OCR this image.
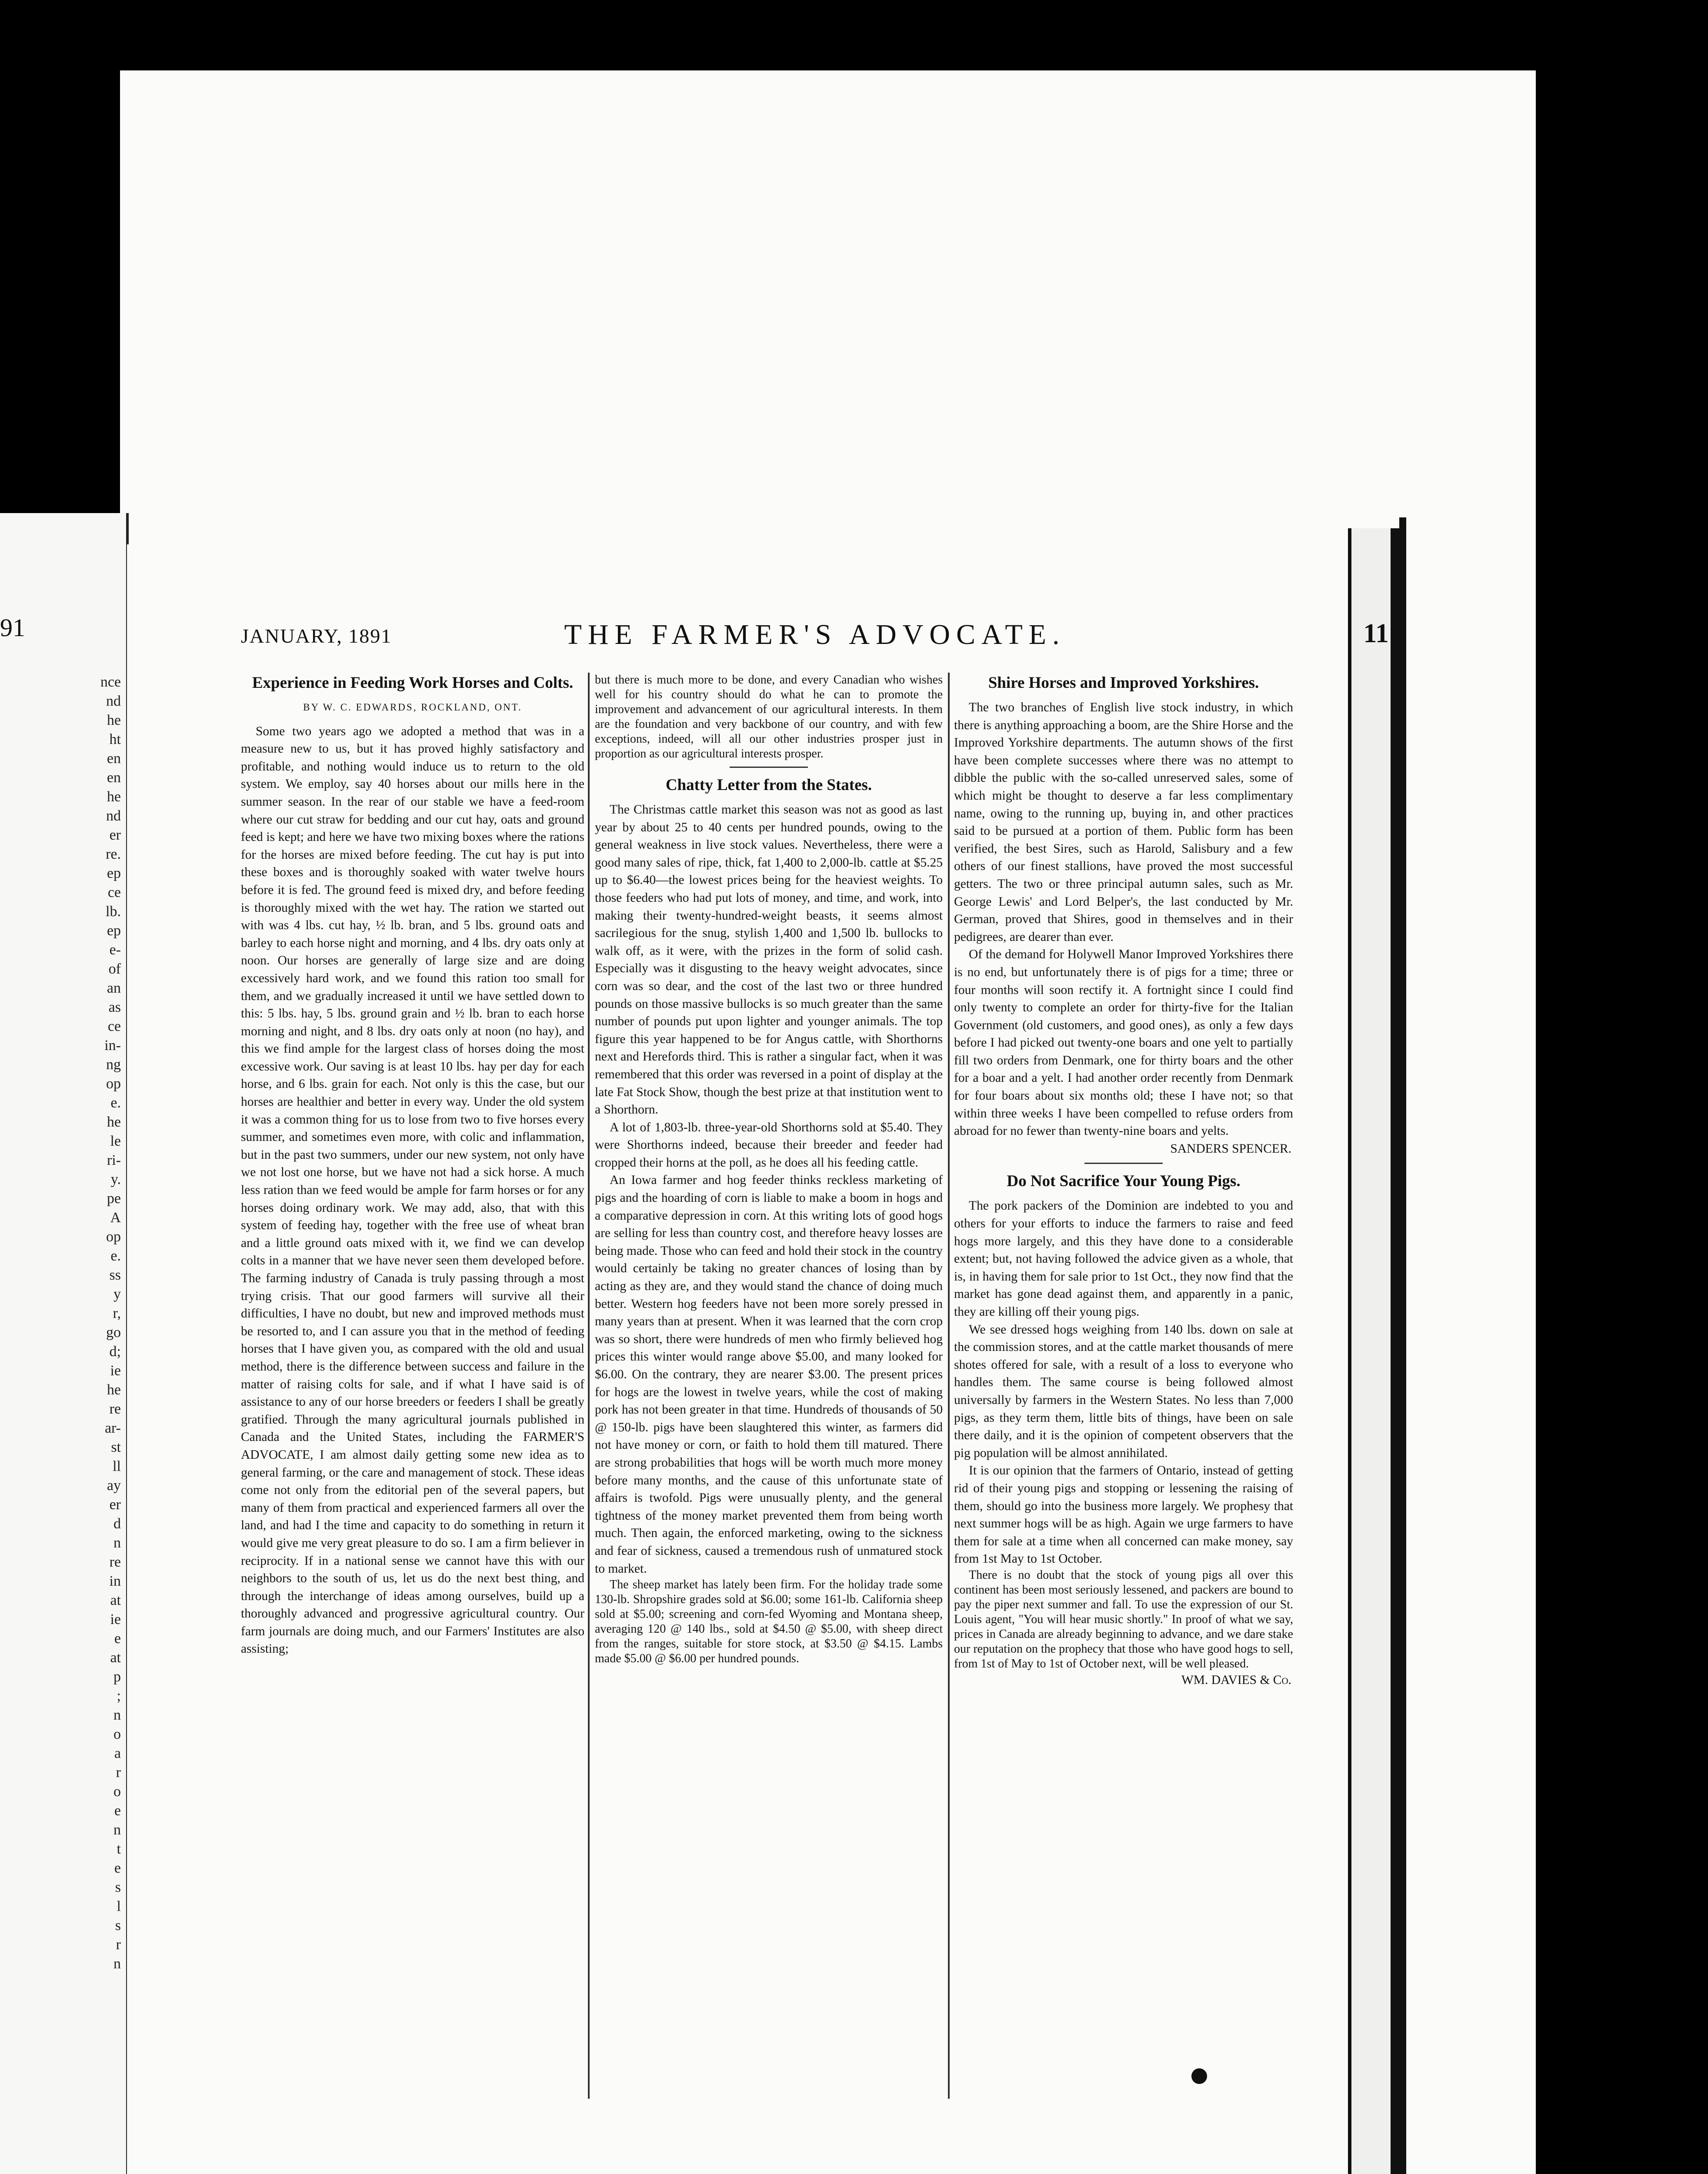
91
nce
nd
he
ht
en
en
he
nd
er
re.
ep
ce
lb.
ep
e-
of
an
as
ce
in-
ng
op
e.
he
le
ri-
y.
pe
A
op
e.
ss
y
r,
go
d;
ie
he
re
ar-
st
ll
ay
er
d
n
re
in
at
ie
e
at
p
;
n
o
a
r
o
e
n
t
e
s
l
s
r
n
JANUARY, 1891	THE FARMER'S ADVOCATE.	11
Experience in Feeding Work Horses and Colts.
BY W. C. EDWARDS, ROCKLAND, ONT.

Some two years ago we adopted a method that was in a measure new to us, but it has proved highly satisfactory and profitable, and nothing would induce us to return to the old system. We employ, say 40 horses about our mills here in the summer season. In the rear of our stable we have a feed-room where our cut straw for bedding and our cut hay, oats and ground feed is kept; and here we have two mixing boxes where the rations for the horses are mixed before feeding. The cut hay is put into these boxes and is thoroughly soaked with water twelve hours before it is fed. The ground feed is mixed dry, and before feeding is thoroughly mixed with the wet hay. The ration we started out with was 4 lbs. cut hay, ½ lb. bran, and 5 lbs. ground oats and barley to each horse night and morning, and 4 lbs. dry oats only at noon. Our horses are generally of large size and are doing excessively hard work, and we found this ration too small for them, and we gradually increased it until we have settled down to this: 5 lbs. hay, 5 lbs. ground grain and ½ lb. bran to each horse morning and night, and 8 lbs. dry oats only at noon (no hay), and this we find ample for the largest class of horses doing the most excessive work. Our saving is at least 10 lbs. hay per day for each horse, and 6 lbs. grain for each. Not only is this the case, but our horses are healthier and better in every way. Under the old system it was a common thing for us to lose from two to five horses every summer, and sometimes even more, with colic and inflammation, but in the past two summers, under our new system, not only have we not lost one horse, but we have not had a sick horse. A much less ration than we feed would be ample for farm horses or for any horses doing ordinary work. We may add, also, that with this system of feeding hay, together with the free use of wheat bran and a little ground oats mixed with it, we find we can develop colts in a manner that we have never seen them developed before. The farming industry of Canada is truly passing through a most trying crisis. That our good farmers will survive all their difficulties, I have no doubt, but new and improved methods must be resorted to, and I can assure you that in the method of feeding horses that I have given you, as compared with the old and usual method, there is the difference between success and failure in the matter of raising colts for sale, and if what I have said is of assistance to any of our horse breeders or feeders I shall be greatly gratified. Through the many agricultural journals published in Canada and the United States, including the FARMER'S ADVOCATE, I am almost daily getting some new idea as to general farming, or the care and management of stock. These ideas come not only from the editorial pen of the several papers, but many of them from practical and experienced farmers all over the land, and had I the time and capacity to do something in return it would give me very great pleasure to do so. I am a firm believer in reciprocity. If in a national sense we cannot have this with our neighbors to the south of us, let us do the next best thing, and through the interchange of ideas among ourselves, build up a thoroughly advanced and progressive agricultural country. Our farm journals are doing much, and our Farmers' Institutes are also assisting;

but there is much more to be done, and every Canadian who wishes well for his country should do what he can to promote the improvement and advancement of our agricultural interests. In them are the foundation and very backbone of our country, and with few exceptions, indeed, will all our other industries prosper just in proportion as our agricultural interests prosper.

Chatty Letter from the States.

The Christmas cattle market this season was not as good as last year by about 25 to 40 cents per hundred pounds, owing to the general weakness in live stock values. Nevertheless, there were a good many sales of ripe, thick, fat 1,400 to 2,000-lb. cattle at $5.25 up to $6.40—the lowest prices being for the heaviest weights. To those feeders who had put lots of money, and time, and work, into making their twenty-hundred-weight beasts, it seems almost sacrilegious for the snug, stylish 1,400 and 1,500 lb. bullocks to walk off, as it were, with the prizes in the form of solid cash. Especially was it disgusting to the heavy weight advocates, since corn was so dear, and the cost of the last two or three hundred pounds on those massive bullocks is so much greater than the same number of pounds put upon lighter and younger animals. The top figure this year happened to be for Angus cattle, with Shorthorns next and Herefords third. This is rather a singular fact, when it was remembered that this order was reversed in a point of display at the late Fat Stock Show, though the best prize at that institution went to a Shorthorn.

A lot of 1,803-lb. three-year-old Shorthorns sold at $5.40. They were Shorthorns indeed, because their breeder and feeder had cropped their horns at the poll, as he does all his feeding cattle.

An Iowa farmer and hog feeder thinks reckless marketing of pigs and the hoarding of corn is liable to make a boom in hogs and a comparative depression in corn. At this writing lots of good hogs are selling for less than country cost, and therefore heavy losses are being made. Those who can feed and hold their stock in the country would certainly be taking no greater chances of losing than by acting as they are, and they would stand the chance of doing much better. Western hog feeders have not been more sorely pressed in many years than at present. When it was learned that the corn crop was so short, there were hundreds of men who firmly believed hog prices this winter would range above $5.00, and many looked for $6.00. On the contrary, they are nearer $3.00. The present prices for hogs are the lowest in twelve years, while the cost of making pork has not been greater in that time. Hundreds of thousands of 50 @ 150-lb. pigs have been slaughtered this winter, as farmers did not have money or corn, or faith to hold them till matured. There are strong probabilities that hogs will be worth much more money before many months, and the cause of this unfortunate state of affairs is twofold. Pigs were unusually plenty, and the general tightness of the money market prevented them from being worth much. Then again, the enforced marketing, owing to the sickness and fear of sickness, caused a tremendous rush of unmatured stock to market.

The sheep market has lately been firm. For the holiday trade some 130-lb. Shropshire grades sold at $6.00; some 161-lb. California sheep sold at $5.00; screening and corn-fed Wyoming and Montana sheep, averaging 120 @ 140 lbs., sold at $4.50 @ $5.00, with sheep direct from the ranges, suitable for store stock, at $3.50 @ $4.15. Lambs made $5.00 @ $6.00 per hundred pounds.

Shire Horses and Improved Yorkshires.

The two branches of English live stock industry, in which there is anything approaching a boom, are the Shire Horse and the Improved Yorkshire departments. The autumn shows of the first have been complete successes where there was no attempt to dibble the public with the so-called unreserved sales, some of which might be thought to deserve a far less complimentary name, owing to the running up, buying in, and other practices said to be pursued at a portion of them. Public form has been verified, the best Sires, such as Harold, Salisbury and a few others of our finest stallions, have proved the most successful getters. The two or three principal autumn sales, such as Mr. George Lewis' and Lord Belper's, the last conducted by Mr. German, proved that Shires, good in themselves and in their pedigrees, are dearer than ever.

Of the demand for Holywell Manor Improved Yorkshires there is no end, but unfortunately there is of pigs for a time; three or four months will soon rectify it. A fortnight since I could find only twenty to complete an order for thirty-five for the Italian Government (old customers, and good ones), as only a few days before I had picked out twenty-one boars and one yelt to partially fill two orders from Denmark, one for thirty boars and the other for a boar and a yelt. I had another order recently from Denmark for four boars about six months old; these I have not; so that within three weeks I have been compelled to refuse orders from abroad for no fewer than twenty-nine boars and yelts.

SANDERS SPENCER.
Do Not Sacrifice Your Young Pigs.

The pork packers of the Dominion are indebted to you and others for your efforts to induce the farmers to raise and feed hogs more largely, and this they have done to a considerable extent; but, not having followed the advice given as a whole, that is, in having them for sale prior to 1st Oct., they now find that the market has gone dead against them, and apparently in a panic, they are killing off their young pigs.

We see dressed hogs weighing from 140 lbs. down on sale at the commission stores, and at the cattle market thousands of mere shotes offered for sale, with a result of a loss to everyone who handles them. The same course is being followed almost universally by farmers in the Western States. No less than 7,000 pigs, as they term them, little bits of things, have been on sale there daily, and it is the opinion of competent observers that the pig population will be almost annihilated.

It is our opinion that the farmers of Ontario, instead of getting rid of their young pigs and stopping or lessening the raising of them, should go into the business more largely. We prophesy that next summer hogs will be as high. Again we urge farmers to have them for sale at a time when all concerned can make money, say from 1st May to 1st October.

There is no doubt that the stock of young pigs all over this continent has been most seriously lessened, and packers are bound to pay the piper next summer and fall. To use the expression of our St. Louis agent, "You will hear music shortly." In proof of what we say, prices in Canada are already beginning to advance, and we dare stake our reputation on the prophecy that those who have good hogs to sell, from 1st of May to 1st of October next, will be well pleased.

WM. DAVIES & Co.
